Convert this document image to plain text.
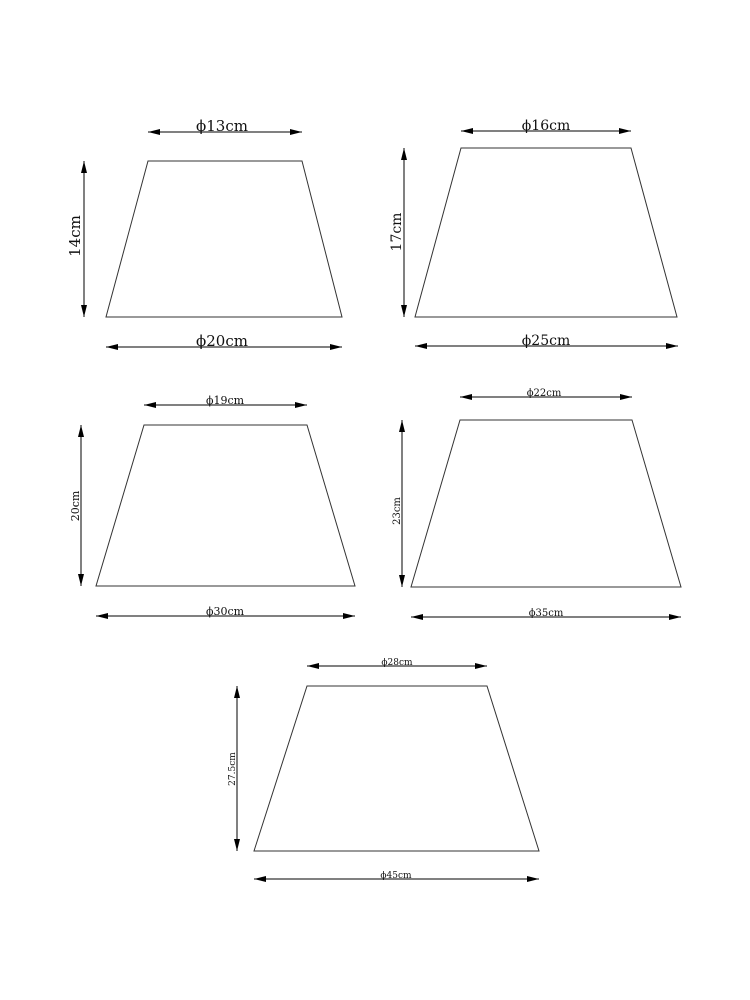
ϕ13cm
14cm
ϕ20cm
ϕ16cm
17cm
ϕ25cm
ϕ19cm
20cm
ϕ30cm
ϕ22cm
23cm
ϕ35cm
ϕ28cm
27.5cm
ϕ45cm
